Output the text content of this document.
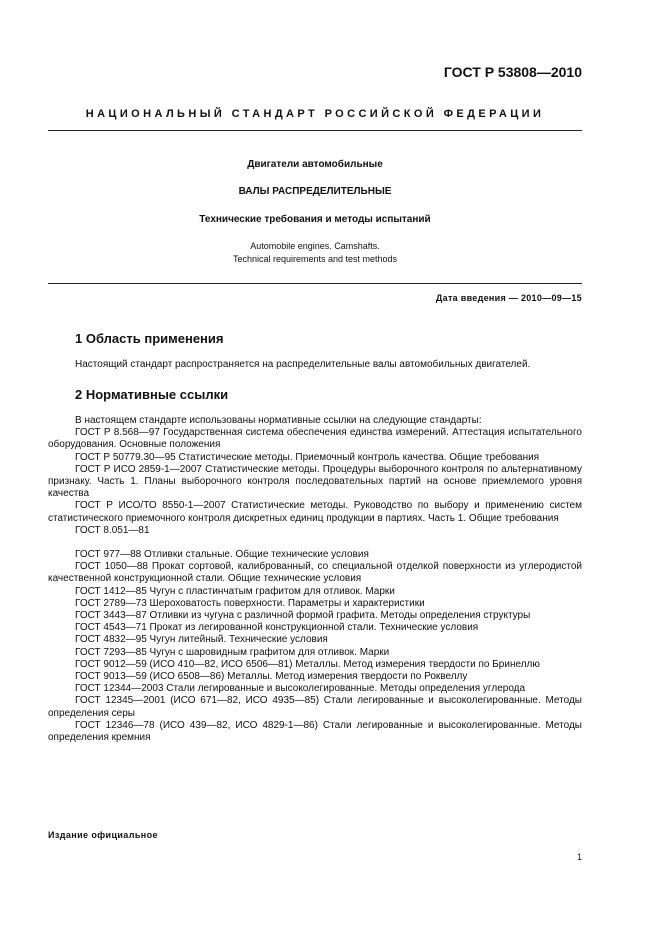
ГОСТ Р 53808—2010
НАЦИОНАЛЬНЫЙ СТАНДАРТ РОССИЙСКОЙ ФЕДЕРАЦИИ
Двигатели автомобильные
ВАЛЫ РАСПРЕДЕЛИТЕЛЬНЫЕ
Технические требования и методы испытаний
Automobile engines. Camshafts.
Technical requirements and test methods
Дата введения — 2010—09—15
1 Область применения
Настоящий стандарт распространяется на распределительные валы автомобильных двигателей.
2 Нормативные ссылки
В настоящем стандарте использованы нормативные ссылки на следующие стандарты:
ГОСТ Р 8.568—97 Государственная система обеспечения единства измерений. Аттестация испытательного оборудования. Основные положения
ГОСТ Р 50779.30—95 Статистические методы. Приемочный контроль качества. Общие требования
ГОСТ Р ИСО 2859-1—2007 Статистические методы. Процедуры выборочного контроля по альтернативному признаку. Часть 1. Планы выборочного контроля последовательных партий на основе приемлемого уровня качества
ГОСТ Р ИСО/ТО 8550-1—2007 Статистические методы. Руководство по выбору и применению систем статистического приемочного контроля дискретных единиц продукции в партиях. Часть 1. Общие требования
ГОСТ 8.051—81
ГОСТ 977—88 Отливки стальные. Общие технические условия
ГОСТ 1050—88 Прокат сортовой, калиброванный, со специальной отделкой поверхности из углеродистой качественной конструкционной стали. Общие технические условия
ГОСТ 1412—85 Чугун с пластинчатым графитом для отливок. Марки
ГОСТ 2789—73 Шероховатость поверхности. Параметры и характеристики
ГОСТ 3443—87 Отливки из чугуна с различной формой графита. Методы определения структуры
ГОСТ 4543—71 Прокат из легированной конструкционной стали. Технические условия
ГОСТ 4832—95 Чугун литейный. Технические условия
ГОСТ 7293—85 Чугун с шаровидным графитом для отливок. Марки
ГОСТ 9012—59 (ИСО 410—82, ИСО 6506—81) Металлы. Метод измерения твердости по Бринеллю
ГОСТ 9013—59 (ИСО 6508—86) Металлы. Метод измерения твердости по Роквеллу
ГОСТ 12344—2003 Стали легированные и высоколегированные. Методы определения углерода
ГОСТ 12345—2001 (ИСО 671—82, ИСО 4935—85) Стали легированные и высоколегированные. Методы определения серы
ГОСТ 12346—78 (ИСО 439—82, ИСО 4829-1—86) Стали легированные и высоколегированные. Методы определения кремния
Издание официальное
1
